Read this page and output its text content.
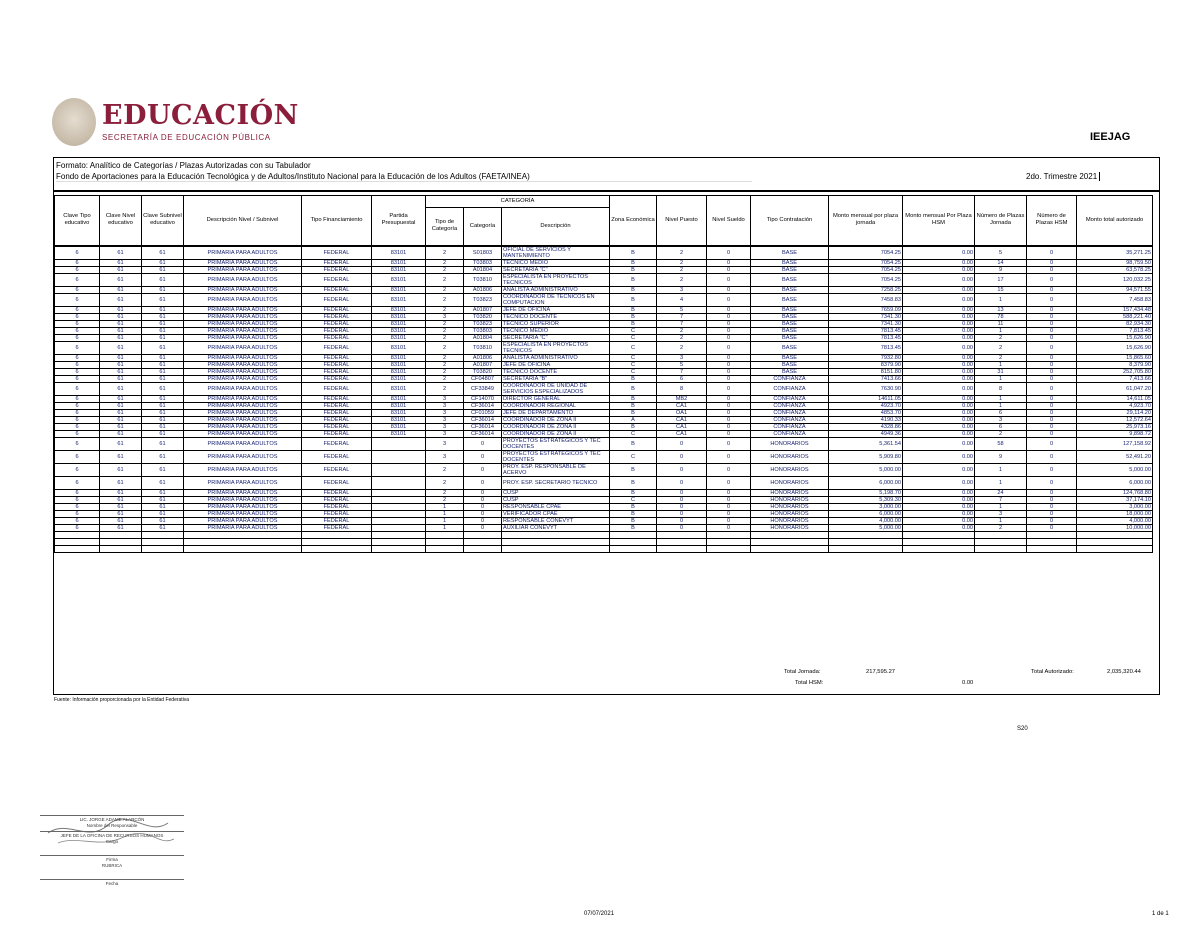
EDUCACIÓN
SECRETARÍA DE EDUCACIÓN PÚBLICA	IEEJAG
Formato: Analítico de Categorías / Plazas Autorizadas con su Tabulador
Fondo de Aportaciones para la Educación Tecnológica y de Adultos/Instituto Nacional para la Educación de los Adultos (FAETA/INEA)	2do. Trimestre 2021
Clave Tipo educativo	Clave Nivel educativo	Clave Subnivel educativo	Descripción Nivel / Subnivel	Tipo Financiamiento	Partida Presupuestal	CATEGORÍA			Zona Económica	Nivel Puesto	Nivel Sueldo	Tipo Contratación	Monto mensual por plaza jornada	Monto mensual Por Plaza HSM	Número de Plazas Jornada	Número de Plazas HSM	Monto total autorizado
						Tipo de Categoría	Categoría	Descripción									
6	61	61	PRIMARIA PARA ADULTOS	FEDERAL	83101	2	S01803	OFICIAL DE SERVICIOS Y MANTENIMIENTO	B	2	0	BASE	7054.25	0.00	5	0	35,271.25
6	61	61	PRIMARIA PARA ADULTOS	FEDERAL	83101	2	T03803	TECNICO MEDIO	B	2	0	BASE	7054.25	0.00	14	0	98,759.50
6	61	61	PRIMARIA PARA ADULTOS	FEDERAL	83101	2	A01804	SECRETARIA "C"	B	2	0	BASE	7054.25	0.00	9	0	63,578.25
6	61	61	PRIMARIA PARA ADULTOS	FEDERAL	83101	2	T03810	ESPECIALISTA EN PROYECTOS TECNICOS	B	2	0	BASE	7054.25	0.00	17	0	120,032.25
6	61	61	PRIMARIA PARA ADULTOS	FEDERAL	83101	2	A01806	ANALISTA ADMINISTRATIVO	B	3	0	BASE	7258.25	0.00	15	0	94,571.55
6	61	61	PRIMARIA PARA ADULTOS	FEDERAL	83101	2	T03823	COORDINADOR DE TECNICOS EN COMPUTACION	B	4	0	BASE	7458.83	0.00	1	0	7,458.83
6	61	61	PRIMARIA PARA ADULTOS	FEDERAL	83101	2	A01807	JEFE DE OFICINA	B	5	0	BASE	7659.09	0.00	13	0	157,434.48
6	61	61	PRIMARIA PARA ADULTOS	FEDERAL	83101	3	T03820	TECNICO DOCENTE	B	7	0	BASE	7341.30	0.00	78	0	588,221.40
6	61	61	PRIMARIA PARA ADULTOS	FEDERAL	83101	2	T03823	TECNICO SUPERIOR	B	7	0	BASE	7341.30	0.00	11	0	82,934.30
6	61	61	PRIMARIA PARA ADULTOS	FEDERAL	83101	2	T03803	TECNICO MEDIO	C	2	0	BASE	7813.45	0.00	1	0	7,813.45
6	61	61	PRIMARIA PARA ADULTOS	FEDERAL	83101	2	A01804	SECRETARIA "C"	C	2	0	BASE	7813.45	0.00	2	0	15,626.90
6	61	61	PRIMARIA PARA ADULTOS	FEDERAL	83101	2	T03810	ESPECIALISTA EN PROYECTOS TECNICOS	C	2	0	BASE	7813.45	0.00	2	0	15,626.90
6	61	61	PRIMARIA PARA ADULTOS	FEDERAL	83101	2	A01806	ANALISTA ADMINISTRATIVO	C	3	0	BASE	7932.80	0.00	2	0	15,865.60
6	61	61	PRIMARIA PARA ADULTOS	FEDERAL	83101	2	A01807	JEFE DE OFICINA	C	5	0	BASE	8379.90	0.00	1	0	8,379.90
6	61	61	PRIMARIA PARA ADULTOS	FEDERAL	83101	2	T03820	TECNICO DOCENTE	C	7	0	BASE	8151.80	0.00	31	0	252,705.80
6	61	61	PRIMARIA PARA ADULTOS	FEDERAL	83101	2	CF04807	SECRETARIA "B"	B	6	0	CONFIANZA	7413.66	0.00	1	0	7,413.66
6	61	61	PRIMARIA PARA ADULTOS	FEDERAL	83101	2	CF33849	COORDINADOR DE UNIDAD DE SERVICIOS ESPECIALIZADOS	B	8	0	CONFIANZA	7630.90	0.00	8	0	61,047.20
6	61	61	PRIMARIA PARA ADULTOS	FEDERAL	83101	3	CF14070	DIRECTOR GENERAL	B	MB2	0	CONFIANZA	14611.05	0.00	1	0	14,611.05
6	61	61	PRIMARIA PARA ADULTOS	FEDERAL	83101	3	CF36014	COORDINADOR REGIONAL	B	CA1	0	CONFIANZA	4923.70	0.00	1	0	4,923.70
6	61	61	PRIMARIA PARA ADULTOS	FEDERAL	83101	3	CF01059	JEFE DE DEPARTAMENTO	B	OA1	0	CONFIANZA	4853.70	0.00	6	0	29,114.20
6	61	61	PRIMARIA PARA ADULTOS	FEDERAL	83101	3	CF36014	COORDINADOR DE ZONA II	A	CA1	0	CONFIANZA	4190.33	0.00	3	0	12,572.64
6	61	61	PRIMARIA PARA ADULTOS	FEDERAL	83101	3	CF36014	COORDINADOR DE ZONA II	B	CA1	0	CONFIANZA	4328.86	0.00	6	0	25,973.16
6	61	61	PRIMARIA PARA ADULTOS	FEDERAL	83101	3	CF36014	COORDINADOR DE ZONA II	C	CA1	0	CONFIANZA	4949.36	0.00	2	0	9,898.72
6	61	61	PRIMARIA PARA ADULTOS	FEDERAL		3	0	PROYECTOS ESTRATEGICOS Y TEC DOCENTES	B	0	0	HONORARIOS	5,361.54	0.00	58	0	127,158.92
6	61	61	PRIMARIA PARA ADULTOS	FEDERAL		3	0	PROYECTOS ESTRATEGICOS Y TEC DOCENTES	C	0	0	HONORARIOS	5,909.80	0.00	9	0	52,491.20
6	61	61	PRIMARIA PARA ADULTOS	FEDERAL		2	0	PROY. ESP. RESPONSABLE DE ACERVO	B	0	0	HONORARIOS	5,000.00	0.00	1	0	5,000.00
6	61	61	PRIMARIA PARA ADULTOS	FEDERAL		2	0	PROY. ESP. SECRETARIO TECNICO	B	0	0	HONORARIOS	6,000.00	0.00	1	0	6,000.00
6	61	61	PRIMARIA PARA ADULTOS	FEDERAL		2	0	CUSP	B	0	0	HONORARIOS	5,198.70	0.00	24	0	124,768.80
6	61	61	PRIMARIA PARA ADULTOS	FEDERAL		2	0	CUSP	C	0	0	HONORARIOS	5,309.30	0.00	7	0	37,174.10
6	61	61	PRIMARIA PARA ADULTOS	FEDERAL		1	0	RESPONSABLE CPAE	B	0	0	HONORARIOS	3,000.00	0.00	1	0	3,000.00
6	61	61	PRIMARIA PARA ADULTOS	FEDERAL		1	0	VERIFICADOR CPAE	B	0	0	HONORARIOS	6,000.00	0.00	3	0	18,000.00
6	61	61	PRIMARIA PARA ADULTOS	FEDERAL		1	0	RESPONSABLE CONEVYT	B	0	0	HONORARIOS	4,000.00	0.00	1	0	4,000.00
6	61	61	PRIMARIA PARA ADULTOS	FEDERAL		1	0	AUXILIAR CONEVYT	B	0	0	HONORARIOS	5,000.00	0.00	2	0	10,000.00

Total Jornada:	217,595.27
Total HSM:	0.00
Total Autorizado:	2,035,320.44
Fuente: Información proporcionada por la Entidad Federativa
S20
LIC. JORGE ADAME ALARCÓN
Nombre del Responsable
JEFE DE LA OFICINA DE RECURSOS HUMANOS
Cargo
Firma
RUBRICA
Fecha
07/07/2021	1 de 1
